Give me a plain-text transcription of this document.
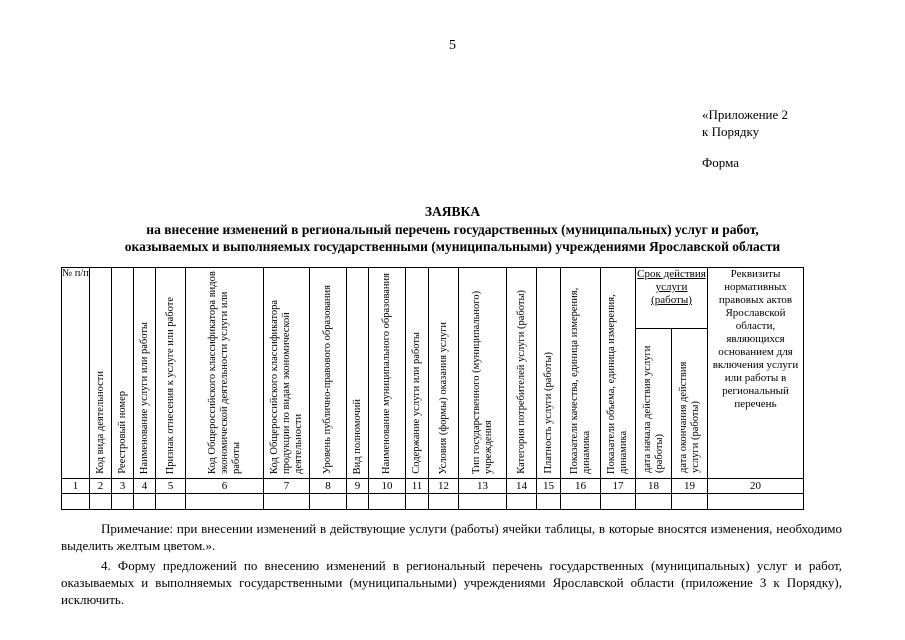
5
«Приложение 2
к Порядку
Форма
ЗАЯВКА
на внесение изменений в региональный перечень государственных (муниципальных) услуг и работ,
оказываемых и выполняемых государственными (муниципальными) учреждениями Ярославской области
№ п/п	Код вида деятельности	Реестровый номер	Наименование услуги или работы	Признак отнесения к услуге или работе	Код Общероссийского классификатора видов экономической деятельности услуги или работы	Код Общероссийского классификатора продукции по видам экономической деятельности	Уровень публично-правового образования	Вид полномочий	Наименование муниципального образования	Содержание услуги или работы	Условия (формы) оказания услуги	Тип государственного (муниципального) учреждения	Категория потребителей услуги (работы)	Платность услуги (работы)	Показатели качества, единица измерения, динамика	Показатели объема, единица измерения, динамика	Срок действия услуги (работы)		Реквизиты нормативных правовых актов Ярославской области, являющихся основанием для включения услуги или работы в региональный перечень

																	дата начала действия услуги (работы)	дата окончания действия услуги (работы)	

1	2	3	4	5	6	7	8	9	10	11	12	13	14	15	16	17	18	19	20

Примечание: при внесении изменений в действующие услуги (работы) ячейки таблицы, в которые вносятся изменения, необходимо выделить желтым цветом.».
4. Форму предложений по внесению изменений в региональный перечень государственных (муниципальных) услуг и работ, оказываемых и выполняемых государственными (муниципальными) учреждениями Ярославской области (приложение 3 к Порядку), исключить.
